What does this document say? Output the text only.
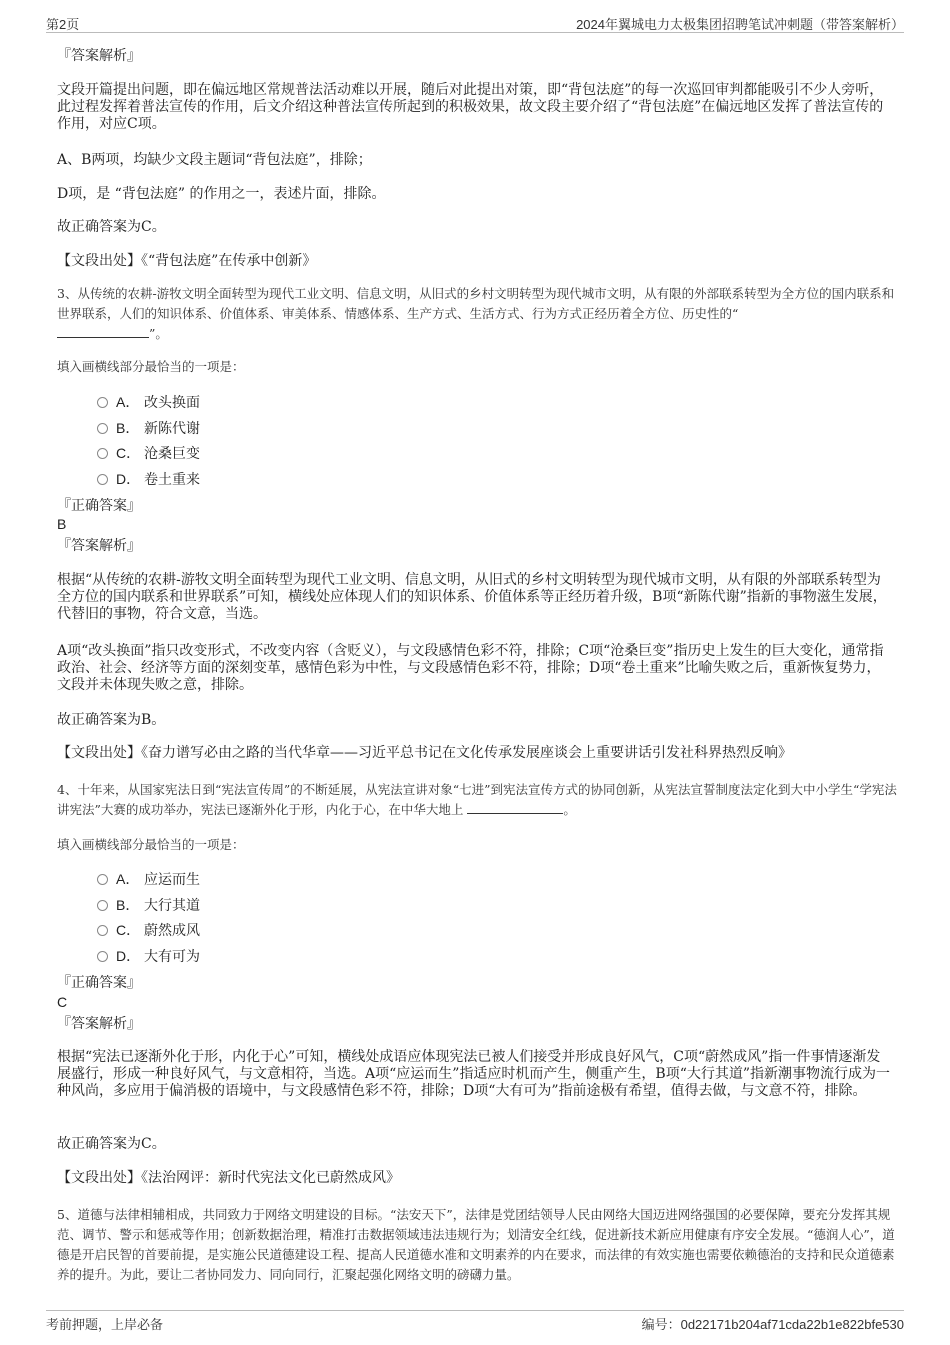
第2页	2024年翼城电力太极集团招聘笔试冲刺题（带答案解析）
『答案解析』
文段开篇提出问题，即在偏远地区常规普法活动难以开展，随后对此提出对策，即“背包法庭”的每一次巡回审判都能吸引不少人旁听，此过程发挥着普法宣传的作用，后文介绍这种普法宣传所起到的积极效果，故文段主要介绍了“背包法庭”在偏远地区发挥了普法宣传的作用，对应C项。
A、B两项，均缺少文段主题词“背包法庭”，排除；
D项，是 “背包法庭” 的作用之一，表述片面，排除。
故正确答案为C。
【文段出处】《“背包法庭”在传承中创新》
3、从传统的农耕-游牧文明全面转型为现代工业文明、信息文明，从旧式的乡村文明转型为现代城市文明，从有限的外部联系转型为全方位的国内联系和世界联系，人们的知识体系、价值体系、审美体系、情感体系、生产方式、生活方式、行为方式正经历着全方位、历史性的“
”。
填入画横线部分最恰当的一项是：
A． 改头换面
B． 新陈代谢
C． 沧桑巨变
D． 卷土重来
『正确答案』
B
『答案解析』
根据“从传统的农耕-游牧文明全面转型为现代工业文明、信息文明，从旧式的乡村文明转型为现代城市文明，从有限的外部联系转型为全方位的国内联系和世界联系”可知，横线处应体现人们的知识体系、价值体系等正经历着升级，B项“新陈代谢”指新的事物滋生发展，代替旧的事物，符合文意，当选。
A项“改头换面”指只改变形式，不改变内容（含贬义），与文段感情色彩不符，排除；C项“沧桑巨变”指历史上发生的巨大变化，通常指政治、社会、经济等方面的深刻变革，感情色彩为中性，与文段感情色彩不符，排除；D项“卷土重来”比喻失败之后，重新恢复势力，文段并未体现失败之意，排除。
故正确答案为B。
【文段出处】《奋力谱写必由之路的当代华章——习近平总书记在文化传承发展座谈会上重要讲话引发社科界热烈反响》
4、十年来，从国家宪法日到“宪法宣传周”的不断延展，从宪法宣讲对象“七进”到宪法宣传方式的协同创新，从宪法宣誓制度法定化到大中小学生“学宪法讲宪法”大赛的成功举办，宪法已逐渐外化于形，内化于心，在中华大地上	。
填入画横线部分最恰当的一项是：
A． 应运而生
B． 大行其道
C． 蔚然成风
D． 大有可为
『正确答案』
C
『答案解析』
根据“宪法已逐渐外化于形，内化于心”可知，横线处成语应体现宪法已被人们接受并形成良好风气，C项“蔚然成风”指一件事情逐渐发展盛行，形成一种良好风气，与文意相符，当选。A项“应运而生”指适应时机而产生，侧重产生，B项“大行其道”指新潮事物流行成为一种风尚，多应用于偏消极的语境中，与文段感情色彩不符，排除；D项“大有可为”指前途极有希望，值得去做，与文意不符，排除。
故正确答案为C。
【文段出处】《法治网评：新时代宪法文化已蔚然成风》
5、道德与法律相辅相成，共同致力于网络文明建设的目标。“法安天下”，法律是党团结领导人民由网络大国迈进网络强国的必要保障，要充分发挥其规范、调节、警示和惩戒等作用；创新数据治理，精准打击数据领域违法违规行为；划清安全红线，促进新技术新应用健康有序安全发展。“德润人心”，道德是开启民智的首要前提，是实施公民道德建设工程、提高人民道德水准和文明素养的内在要求，而法律的有效实施也需要依赖德治的支持和民众道德素养的提升。为此，要让二者协同发力、同向同行，汇聚起强化网络文明的磅礴力量。
考前押题，上岸必备	编号：0d22171b204af71cda22b1e822bfe530
